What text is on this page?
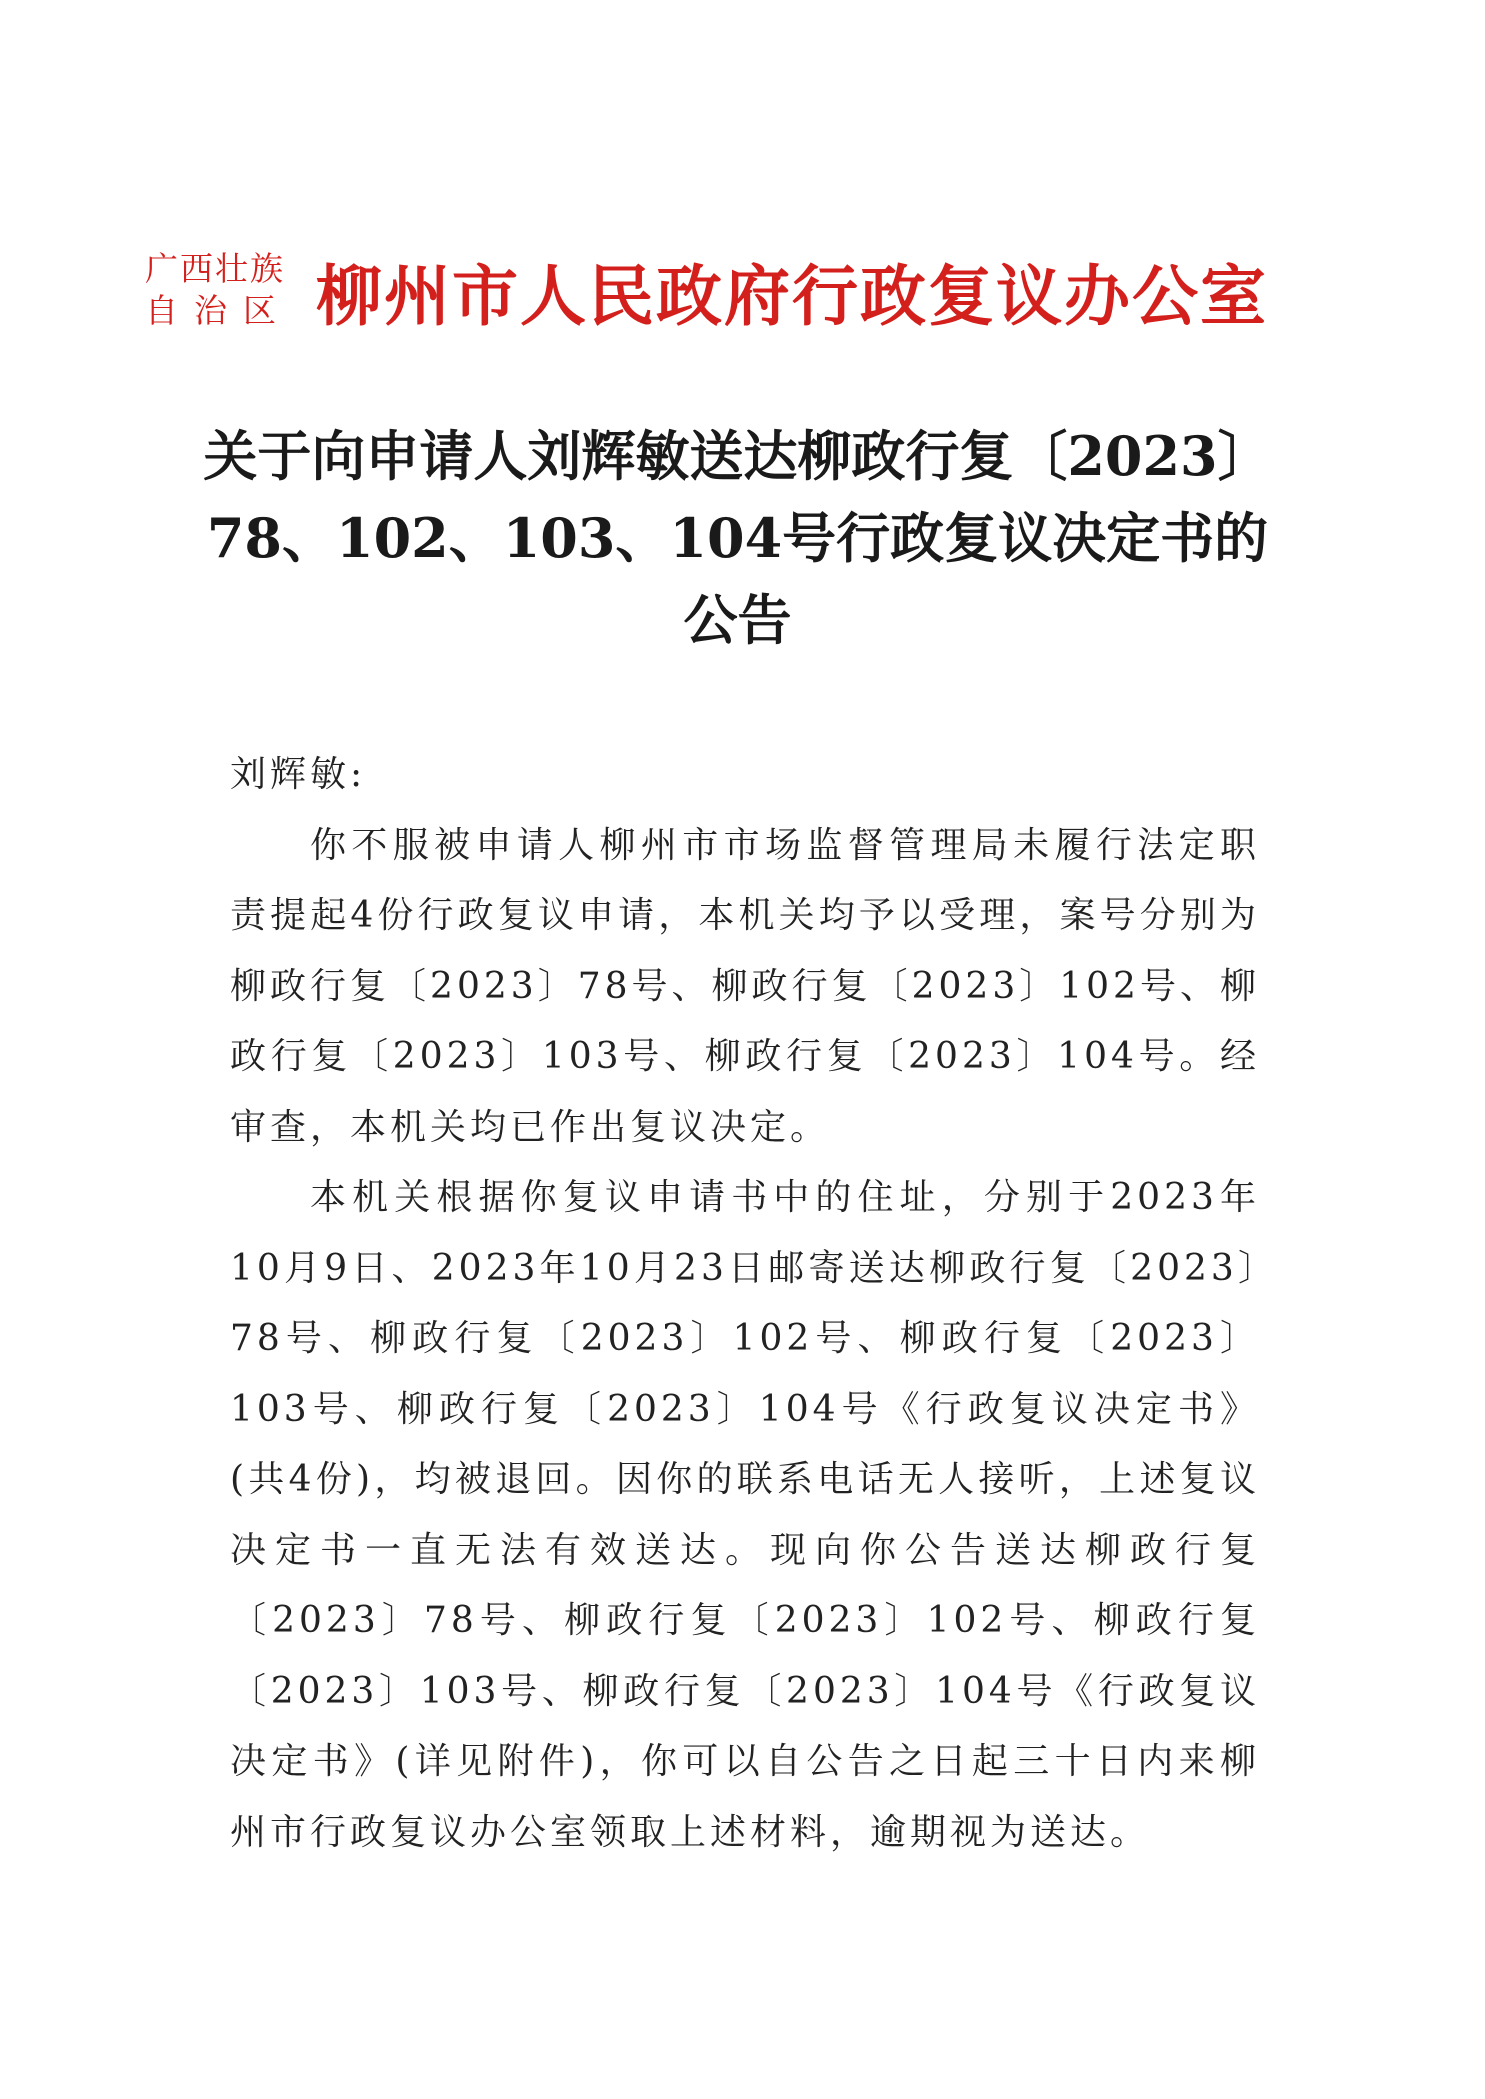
广西壮族
自治区 柳州市人民政府行政复议办公室
关于向申请人刘辉敏送达柳政行复〔2023〕
78、102、103、104号行政复议决定书的
公告

刘辉敏:

你不服被申请人柳州市市场监督管理局未履行法定职责提起4份行政复议申请，本机关均予以受理，案号分别为柳政行复〔2023〕78号、柳政行复〔2023〕102号、柳政行复〔2023〕103号、柳政行复〔2023〕104号。经审查，本机关均已作出复议决定。

本机关根据你复议申请书中的住址，分别于2023年10月9日、2023年10月23日邮寄送达柳政行复〔2023〕78号、柳政行复〔2023〕102号、柳政行复〔2023〕103号、柳政行复〔2023〕104号《行政复议决定书》(共4份)，均被退回。因你的联系电话无人接听，上述复议决定书一直无法有效送达。现向你公告送达柳政行复〔2023〕78号、柳政行复〔2023〕102号、柳政行复〔2023〕103号、柳政行复〔2023〕104号《行政复议决定书》(详见附件)，你可以自公告之日起三十日内来柳州市行政复议办公室领取上述材料，逾期视为送达。
